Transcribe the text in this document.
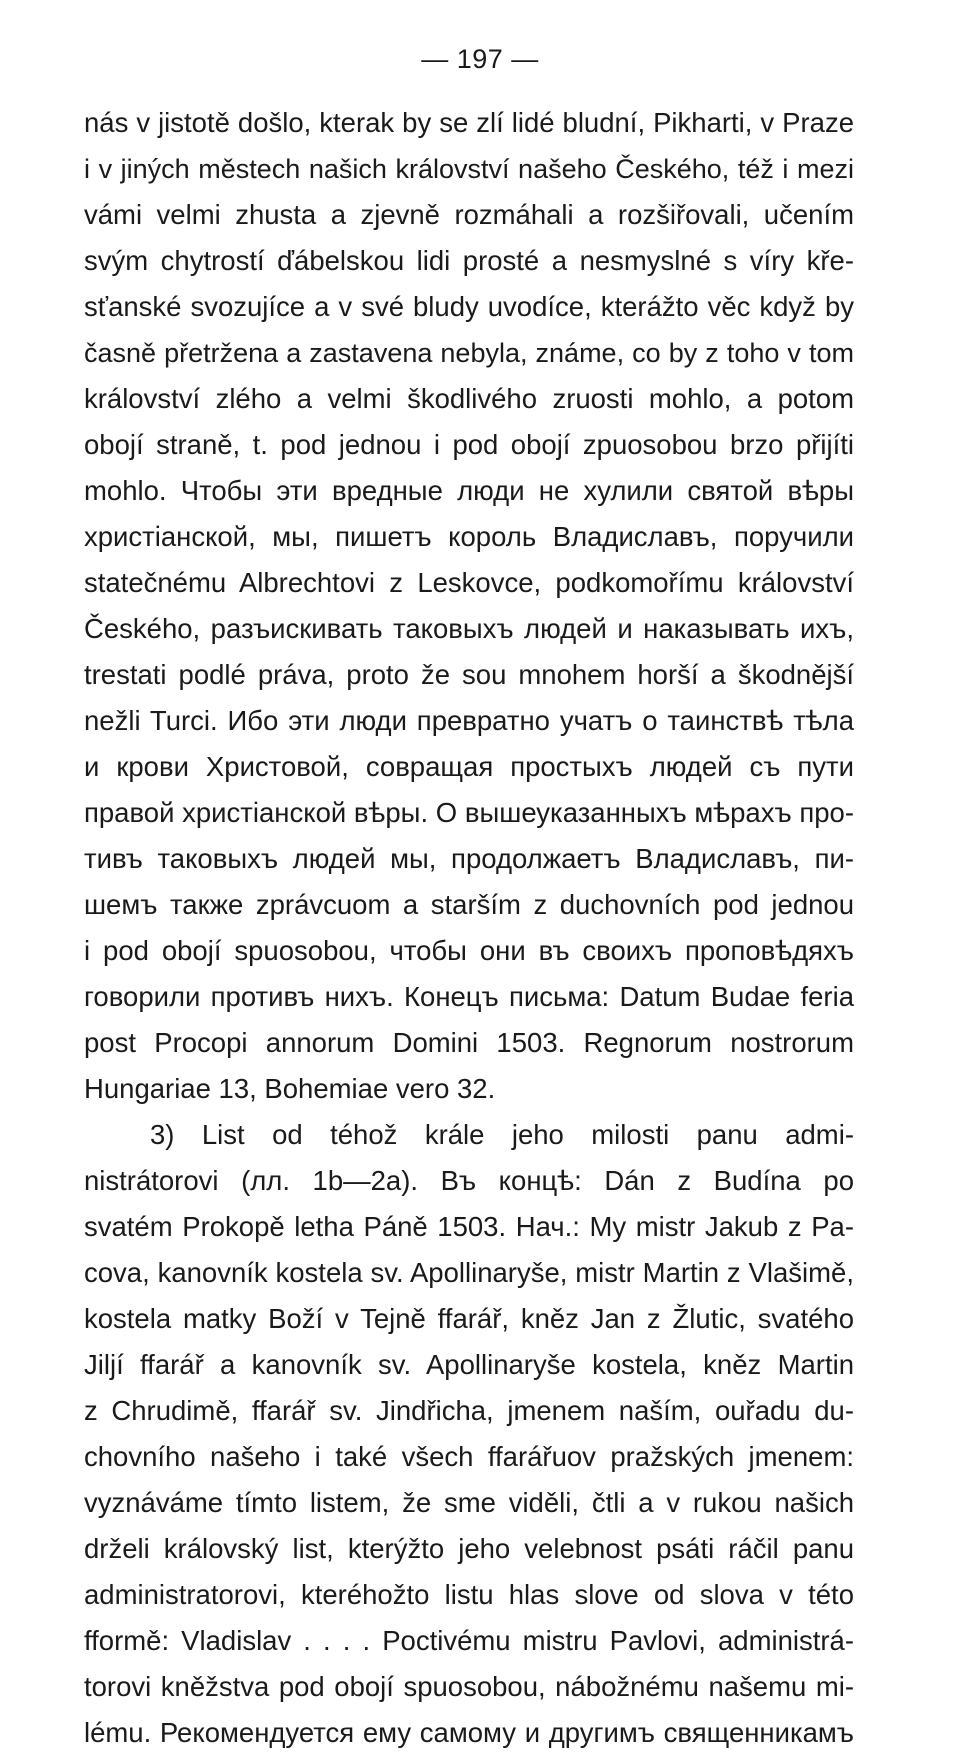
— 197 —
nás v jistotě došlo, kterak by se zlí lidé bludní, Pikharti, v Praze
i v jiných městech našich království našeho Českého, též i mezi
vámi velmi zhusta a zjevně rozmáhali a rozšiřovali, učením
svým chytrostí ďábelskou lidi prosté a nesmyslné s víry kře-
sťanské svozujíce a v své bludy uvodíce, kterážto věc když by
časně přetržena a zastavena nebyla, známe, co by z toho v tom
království zlého a velmi škodlivého zruosti mohlo, a potom
obojí straně, t. pod jednou i pod obojí zpuosobou brzo přijíti
mohlo. Чтобы эти вредные люди не хулили святой вѣры
христіанской, мы, пишетъ король Владиславъ, поручили
statečnému Albrechtovi z Leskovce, podkomořímu království
Českého, разъискивать таковыхъ людей и наказывать ихъ,
trestati podlé práva, proto že sou mnohem horší a škodnější
nežli Turci. Ибо эти люди превратно учатъ о таинствѣ тѣла
и крови Христовой, совращая простыхъ людей съ пути
правой христіанской вѣры. О вышеуказанныхъ мѣрахъ про-
тивъ таковыхъ людей мы, продолжаетъ Владиславъ, пи-
шемъ также zprávcuom a starším z duchovních pod jednou
i pod obojí spuosobou, чтобы они въ своихъ проповѣдяхъ
говорили противъ нихъ. Конецъ письма: Datum Budae feria
post Procopi annorum Domini 1503. Regnorum nostrorum
Hungariae 13, Bohemiae vero 32.
3) List od téhož krále jeho milosti panu admi-
nistrátorovi (лл. 1b—2a). Въ концѣ: Dán z Budína po
svatém Prokopě letha Páně 1503. Нач.: My mistr Jakub z Pa-
cova, kanovník kostela sv. Apollinaryše, mistr Martin z Vlašimě,
kostela matky Boží v Tejně ffarář, kněz Jan z Žlutic, svatého
Jiljí ffarář a kanovník sv. Apollinaryše kostela, kněz Martin
z Chrudimě, ffarář sv. Jindřicha, jmenem naším, ouřadu du-
chovního našeho i také všech ffarářuov pražských jmenem:
vyznáváme tímto listem, že sme viděli, čtli a v rukou našich
drželi královský list, kterýžto jeho velebnost psáti ráčil panu
administratorovi, kteréhožto listu hlas slove od slova v této
fformě: Vladislav . . . . Poctivému mistru Pavlovi, administrá-
torovi kněžstva pod obojí spuosobou, nábožnému našemu mi-
lému. Рекомендуется ему самому и другимъ священникамъ
